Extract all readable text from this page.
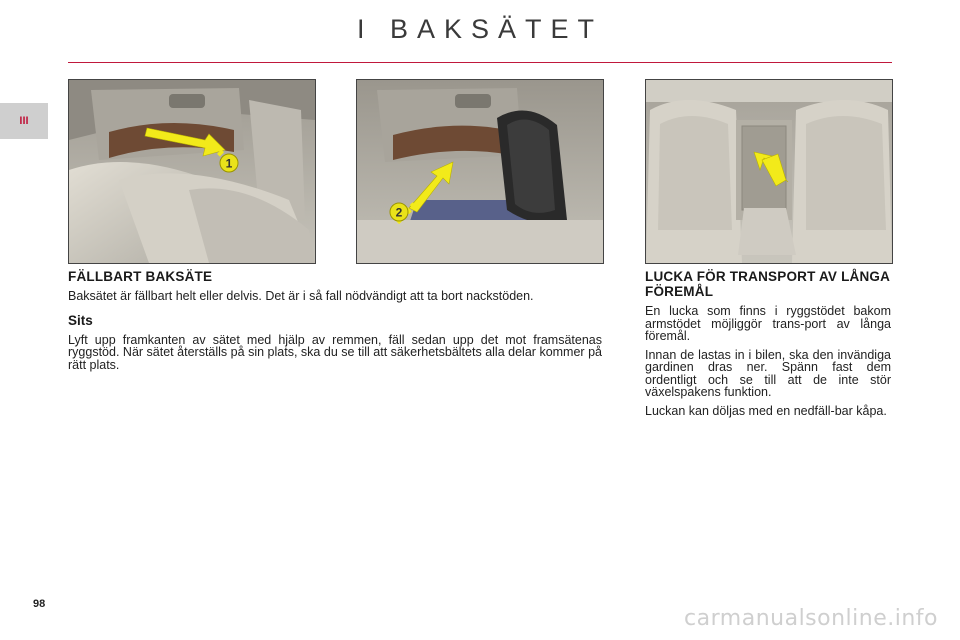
I BAKSÄTET
III
1
2
FÄLLBART BAKSÄTE

Baksätet är fällbart helt eller delvis. Det är i så fall nödvändigt att ta bort nackstöden.

Sits

Lyft upp framkanten av sätet med hjälp av remmen, fäll sedan upp det mot framsätenas ryggstöd. När sätet återställs på sin plats, ska du se till att säkerhetsbältets alla delar kommer på rätt plats.

LUCKA FÖR TRANSPORT AV LÅNGA FÖREMÅL

En lucka som finns i ryggstödet bakom armstödet möjliggör trans-port av långa föremål.

Innan de lastas in i bilen, ska den invändiga gardinen dras ner. Spänn fast dem ordentligt och se till att de inte stör växelspakens funktion.

Luckan kan döljas med en nedfäll-bar kåpa.

98
carmanualsonline.info
